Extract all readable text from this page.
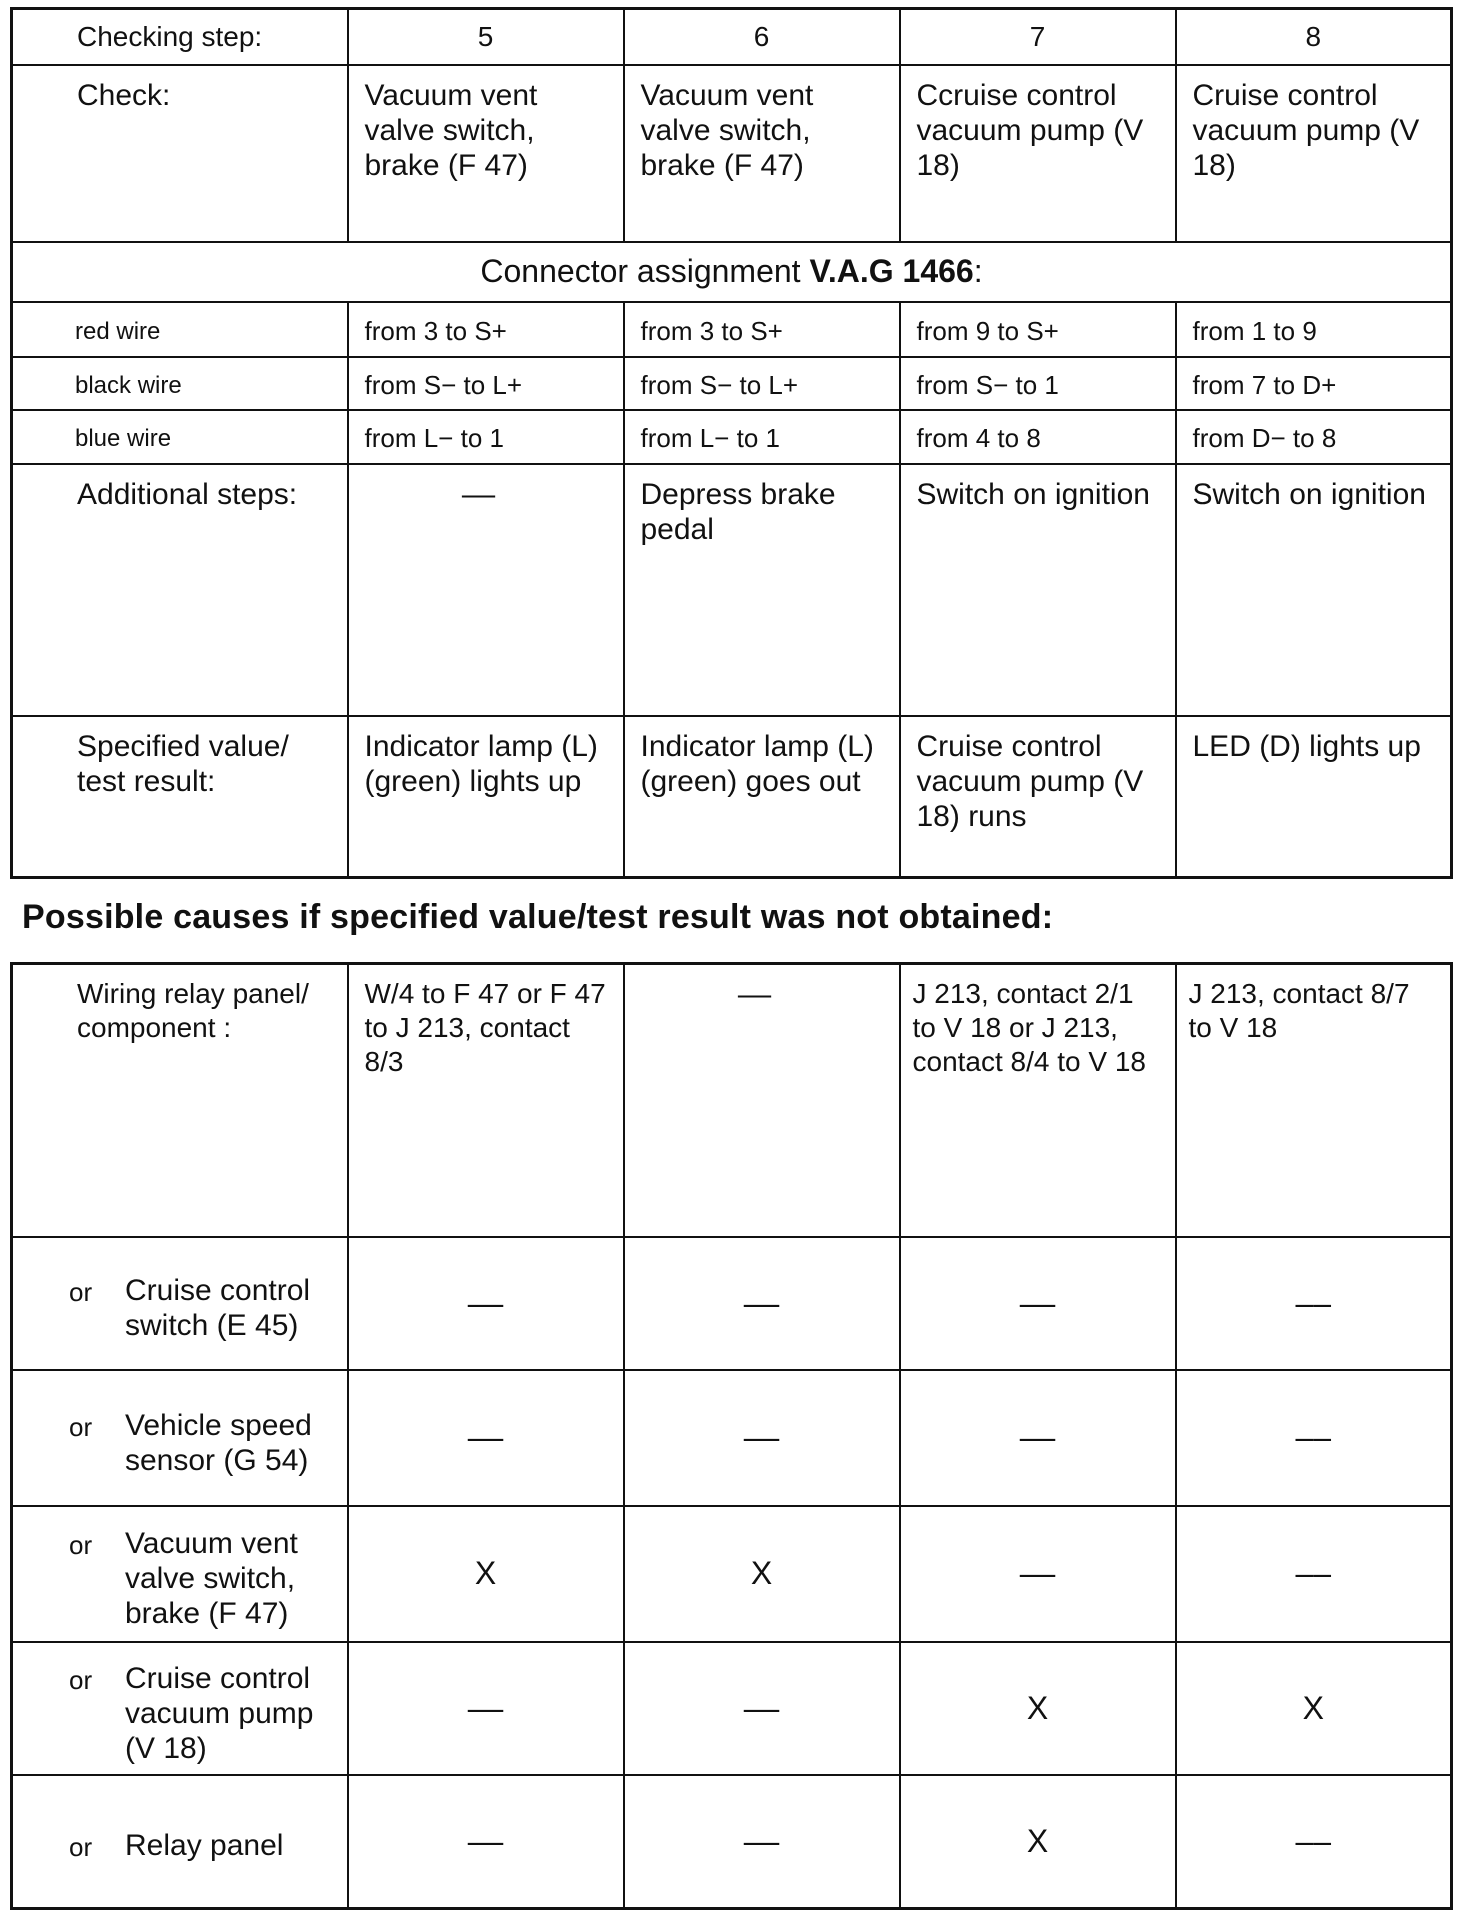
Checking step:	5	6	7	8
Check:	Vacuum vent valve switch, brake (F 47)	Vacuum vent valve switch, brake (F 47)	Ccruise control vacuum pump (V 18)	Cruise control vacuum pump (V 18)
Connector assignment V.A.G 1466:				
red wire	from 3 to S+	from 3 to S+	from 9 to S+	from 1 to 9
black wire	from S− to L+	from S− to L+	from S− to 1	from 7 to D+
blue wire	from L− to 1	from L− to 1	from 4 to 8	from D− to 8
Additional steps:	––	Depress brake pedal	Switch on ignition	Switch on ignition
Specified value/ test result:	Indicator lamp (L) (green) lights up	Indicator lamp (L) (green) goes out	Cruise control vacuum pump (V 18) runs	LED (D) lights up
Possible causes if specified value/test result was not obtained:
Wiring relay panel/ component :	W/4 to F 47 or F 47 to J 213, contact 8/3	––	J 213, contact 2/1 to V 18 or J 213, contact 8/4 to V 18	J 213, contact 8/7 to V 18

or Cruise control switch (E 45)	––	––	––	––

or Vehicle speed sensor (G 54)	––	––	––	––

or Vacuum vent valve switch, brake (F 47)	X	X	––	––

or Cruise control vacuum pump (V 18)	––	––	X	X

or Relay panel	––	––	X	––
